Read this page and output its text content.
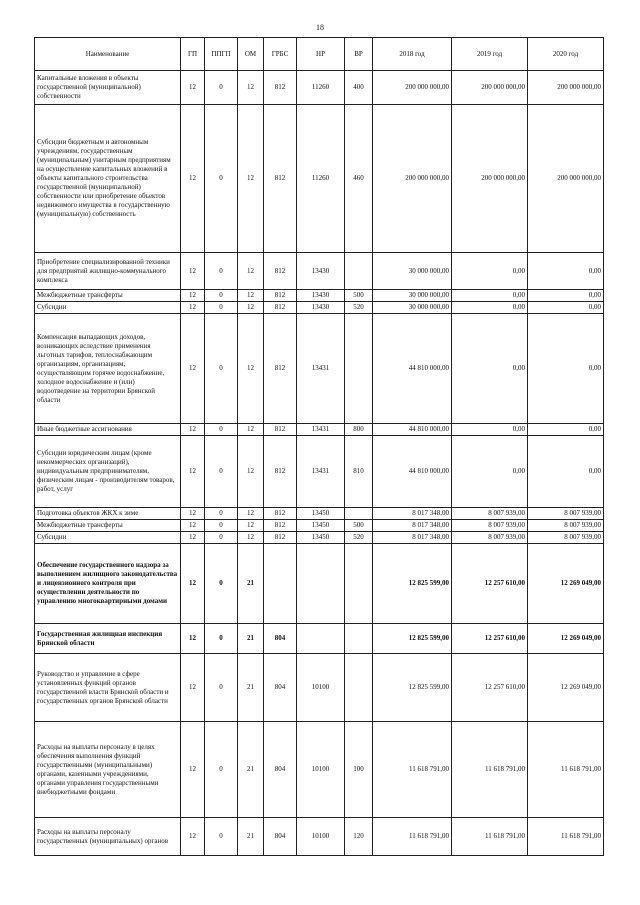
18
Наименование	ГП	ППГП	ОМ	ГРБС	НР	ВР	2018 год	2019 год	2020 год
Капитальные вложения в объекты государственной (муниципальной) собственности	12	0	12	812	11260	400	200 000 000,00	200 000 000,00	200 000 000,00
Субсидии бюджетным и автономным учреждениям, государственным (муниципальным) унитарным предприятиям на осуществление капитальных вложений в объекты капитального строительства государственной (муниципальной) собственности или приобретение объектов недвижимого имущества в государственную (муниципальную) собственность	12	0	12	812	11260	460	200 000 000,00	200 000 000,00	200 000 000,00
Приобретение специализированной техники для предприятий жилищно-коммунального комплекса	12	0	12	812	13430		30 000 000,00	0,00	0,00
Межбюджетные трансферты	12	0	12	812	13430	500	30 000 000,00	0,00	0,00
Субсидии	12	0	12	812	13430	520	30 000 000,00	0,00	0,00
Компенсация выпадающих доходов, возникающих вследствие применения льготных тарифов, теплоснабжающим организациям, организациям, осуществляющим горячее водоснабжение, холодное водоснабжение и (или) водоотведение на территории Брянской области	12	0	12	812	13431		44 810 000,00	0,00	0,00
Иные бюджетные ассигнования	12	0	12	812	13431	800	44 810 000,00	0,00	0,00
Субсидии юридическим лицам (кроме некоммерческих организаций), индивидуальным предпринимателям, физическим лицам - производителям товаров, работ, услуг	12	0	12	812	13431	810	44 810 000,00	0,00	0,00
Подготовка объектов ЖКХ к зиме	12	0	12	812	13450		8 017 348,00	8 007 939,00	8 007 939,00
Межбюджетные трансферты	12	0	12	812	13450	500	8 017 348,00	8 007 939,00	8 007 939,00
Субсидии	12	0	12	812	13450	520	8 017 348,00	8 007 939,00	8 007 939,00
Обеспечение государственного надзора за выполнением жилищного законодательства и лицензионного контроля при осуществлении деятельности по управлению многоквартирными домами	12	0	21				12 825 599,00	12 257 610,00	12 269 049,00
Государственная жилищная инспекция Брянской области	12	0	21	804			12 825 599,00	12 257 610,00	12 269 049,00
Руководство и управление в сфере установленных функций органов государственной власти Брянской области и государственных органов Брянской области	12	0	21	804	10100		12 825 599,00	12 257 610,00	12 269 049,00
Расходы на выплаты персоналу в целях обеспечения выполнения функций государственными (муниципальными) органами, казенными учреждениями, органами управления государственными внебюджетными фондами	12	0	21	804	10100	100	11 618 791,00	11 618 791,00	11 618 791,00
Расходы на выплаты персоналу государственных (муниципальных) органов	12	0	21	804	10100	120	11 618 791,00	11 618 791,00	11 618 791,00
